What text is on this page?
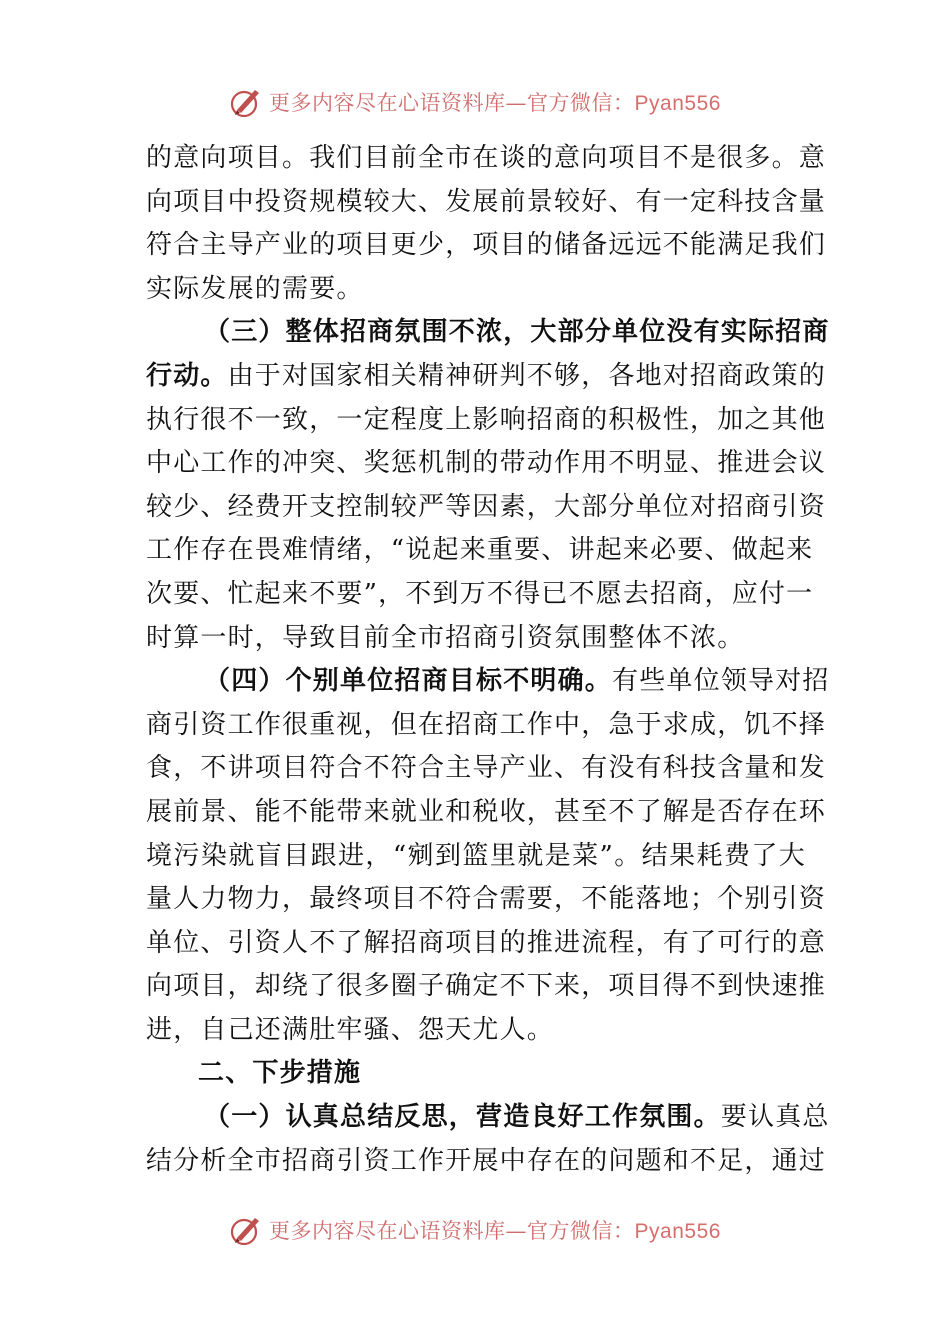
更多内容尽在心语资料库—官方微信：Pyan556
的意向项目。我们目前全市在谈的意向项目不是很多。意
向项目中投资规模较大、发展前景较好、有一定科技含量
符合主导产业的项目更少，项目的储备远远不能满足我们
实际发展的需要。
（三）整体招商氛围不浓，大部分单位没有实际招商
行动。由于对国家相关精神研判不够，各地对招商政策的
执行很不一致，一定程度上影响招商的积极性，加之其他
中心工作的冲突、奖惩机制的带动作用不明显、推进会议
较少、经费开支控制较严等因素，大部分单位对招商引资
工作存在畏难情绪，“说起来重要、讲起来必要、做起来
次要、忙起来不要”，不到万不得已不愿去招商，应付一
时算一时，导致目前全市招商引资氛围整体不浓。
（四）个别单位招商目标不明确。有些单位领导对招
商引资工作很重视，但在招商工作中，急于求成，饥不择
食，不讲项目符合不符合主导产业、有没有科技含量和发
展前景、能不能带来就业和税收，甚至不了解是否存在环
境污染就盲目跟进，“剜到篮里就是菜”。结果耗费了大
量人力物力，最终项目不符合需要，不能落地；个别引资
单位、引资人不了解招商项目的推进流程，有了可行的意
向项目，却绕了很多圈子确定不下来，项目得不到快速推
进，自己还满肚牢骚、怨天尤人。
二、下步措施
（一）认真总结反思，营造良好工作氛围。要认真总
结分析全市招商引资工作开展中存在的问题和不足，通过
更多内容尽在心语资料库—官方微信：Pyan556
